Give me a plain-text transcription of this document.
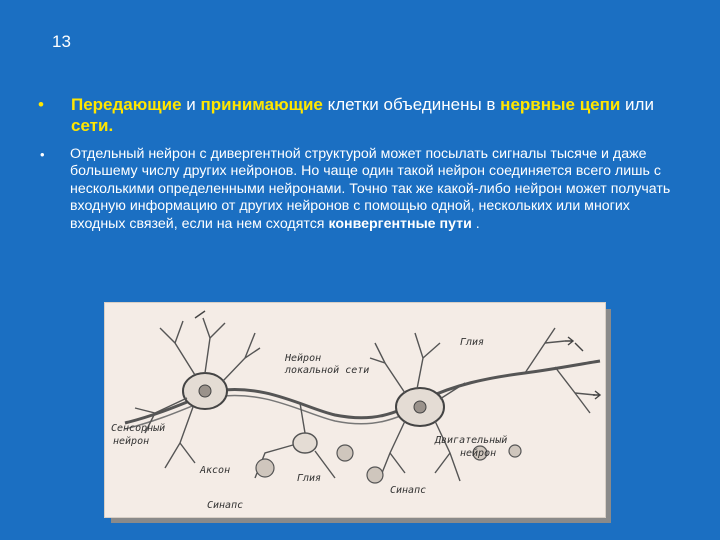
13
• Передающие и принимающие клетки объединены в нервные цепи или сети.
• Отдельный нейрон с дивергентной структурой может посылать сигналы тысяче и даже большему числу других нейронов. Но чаще один такой нейрон соединяется всего лишь с несколькими определенными нейронами. Точно так же какой-либо нейрон может получать входную информацию от других нейронов с помощью одной, нескольких или многих входных связей, если на нем сходятся конвергентные пути .
Нейрон
локальной сети
Глия
Сенсорный
нейрон
Аксон
Глия
Синапс
Синапс
Двигательный
нейрон
